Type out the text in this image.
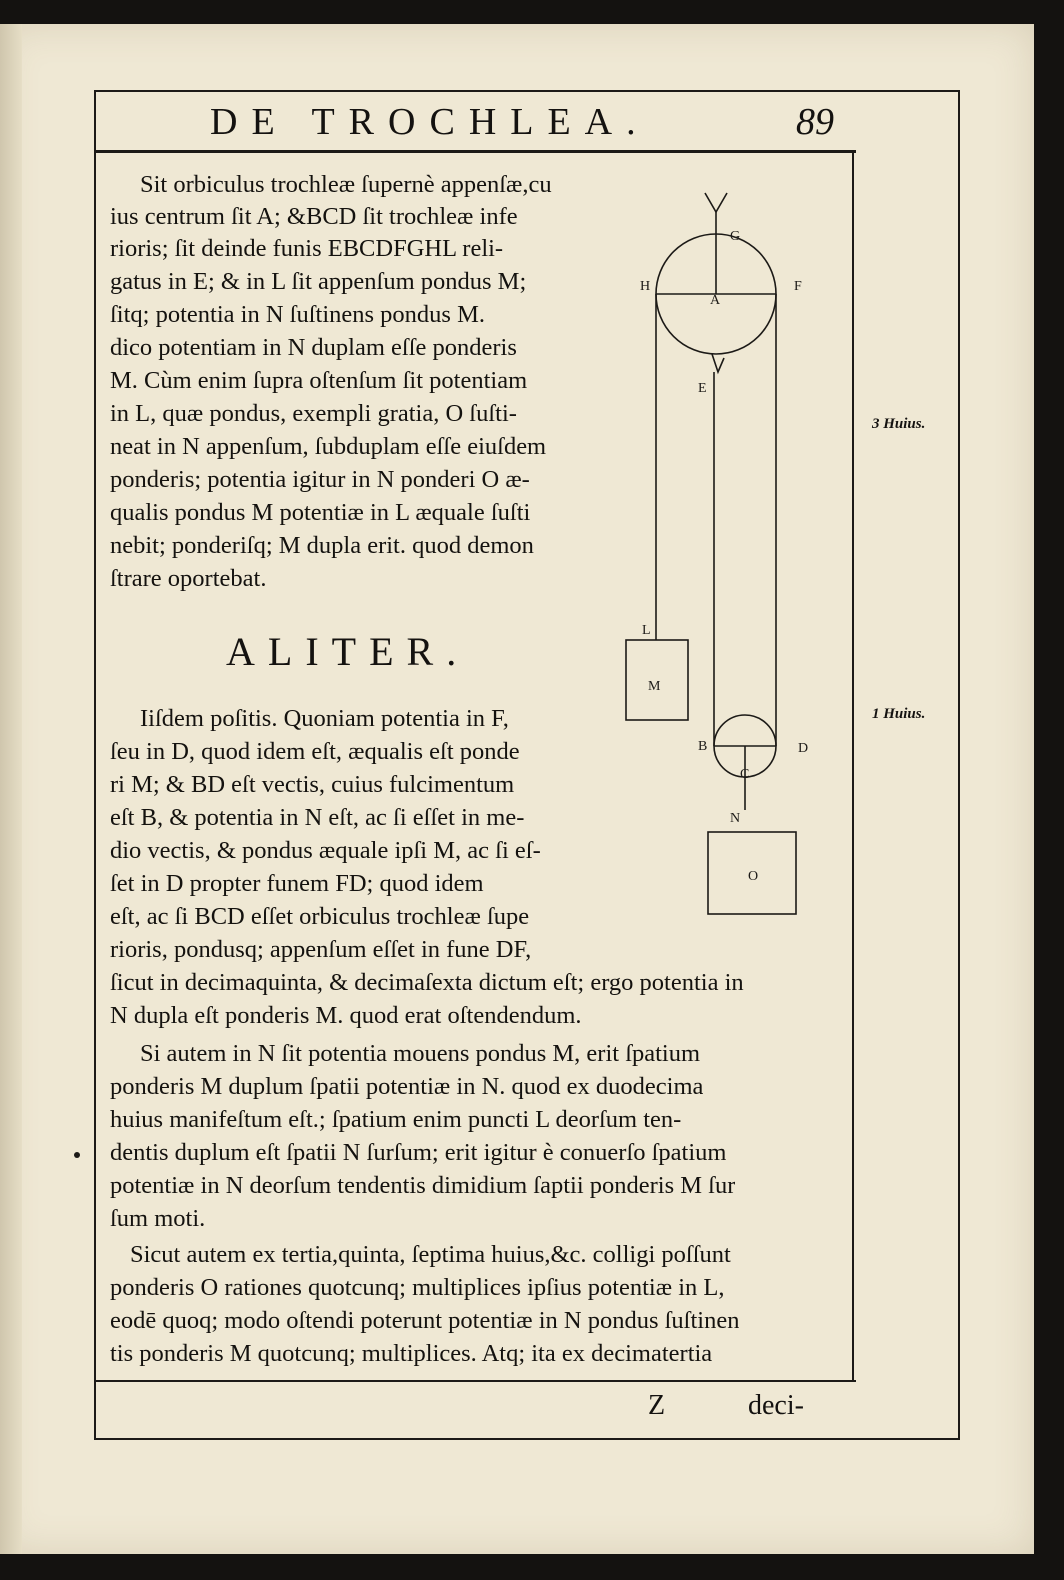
DE TROCHLEA.	89
Sit orbiculus trochleæ ſupernè appenſæ,cu
ius centrum ſit A; &BCD ſit trochleæ infe
rioris; ſit deinde funis EBCDFGHL reli-
gatus in E; & in L ſit appenſum pondus M;
ſitq; potentia in N ſuſtinens pondus M.
dico potentiam in N duplam eſſe ponderis
M. Cùm enim ſupra oſtenſum ſit potentiam
in L, quæ pondus, exempli gratia, O ſuſti-
neat in N appenſum, ſubduplam eſſe eiuſdem
ponderis; potentia igitur in N ponderi O æ-
qualis pondus M potentiæ in L æquale ſuſti
nebit; ponderiſq; M dupla erit. quod demon
ſtrare oportebat.
ALITER.
Iiſdem poſitis. Quoniam potentia in F,
ſeu in D, quod idem eſt, æqualis eſt ponde
ri M; & BD eſt vectis, cuius fulcimentum
eſt B, & potentia in N eſt, ac ſi eſſet in me-
dio vectis, & pondus æquale ipſi M, ac ſi eſ-
ſet in D propter funem FD; quod idem
eſt, ac ſi BCD eſſet orbiculus trochleæ ſupe
rioris, pondusq; appenſum eſſet in fune DF,
ſicut in decimaquinta, & decimaſexta dictum eſt; ergo potentia in
N dupla eſt ponderis M. quod erat oſtendendum.
Si autem in N ſit potentia mouens pondus M, erit ſpatium
ponderis M duplum ſpatii potentiæ in N. quod ex duodecima
huius manifeſtum eſt.; ſpatium enim puncti L deorſum ten-
dentis duplum eſt ſpatii N ſurſum; erit igitur è conuerſo ſpatium
potentiæ in N deorſum tendentis dimidium ſaptii ponderis M ſur
ſum moti.
Sicut autem ex tertia,quinta, ſeptima huius,&c. colligi poſſunt
ponderis O rationes quotcunq; multiplices ipſius potentiæ in L,
eodē quoq; modo oſtendi poterunt potentiæ in N pondus ſuſtinen
tis ponderis M quotcunq; multiplices. Atq; ita ex decimatertia
3 Huius.
1 Huius.
Z	deci-
G
H
A
F
E
L
M
B	D
C
N
O
